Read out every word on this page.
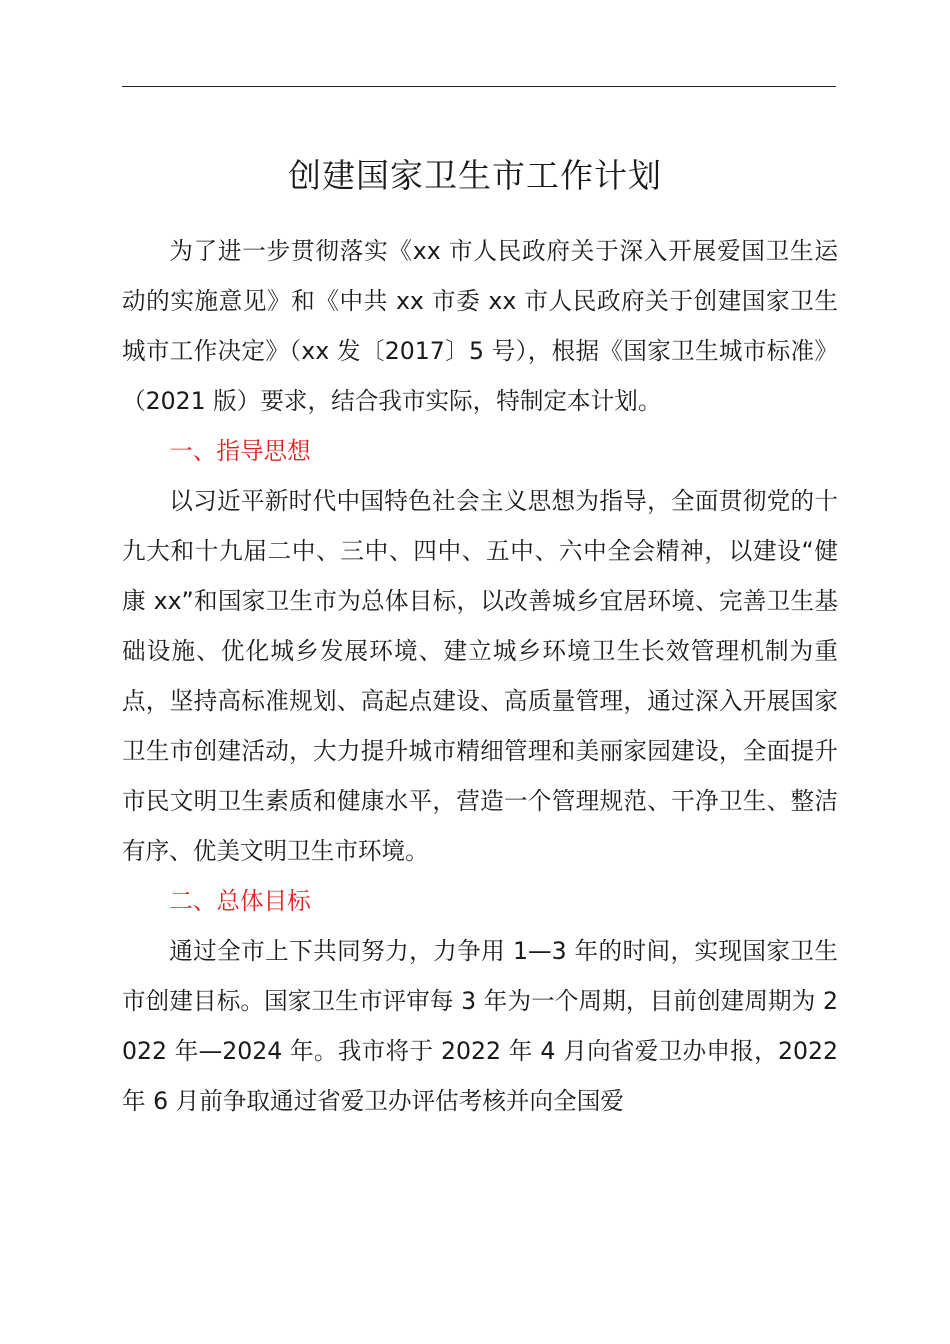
创建国家卫生市工作计划

为了进一步贯彻落实《xx 市人民政府关于深入开展爱国卫生运动的实施意见》和《中共 xx 市委 xx 市人民政府关于创建国家卫生城市工作决定》（xx 发〔2017〕5 号），根据《国家卫生城市标准》（2021 版）要求，结合我市实际，特制定本计划。

一、指导思想

以习近平新时代中国特色社会主义思想为指导，全面贯彻党的十九大和十九届二中、三中、四中、五中、六中全会精神，以建设“健康 xx”和国家卫生市为总体目标，以改善城乡宜居环境、完善卫生基础设施、优化城乡发展环境、建立城乡环境卫生长效管理机制为重点，坚持高标准规划、高起点建设、高质量管理，通过深入开展国家卫生市创建活动，大力提升城市精细管理和美丽家园建设，全面提升市民文明卫生素质和健康水平，营造一个管理规范、干净卫生、整洁有序、优美文明卫生市环境。

二、总体目标

通过全市上下共同努力，力争用 1—3 年的时间，实现国家卫生市创建目标。国家卫生市评审每 3 年为一个周期，目前创建周期为 2022 年—2024 年。我市将于 2022 年 4 月向省爱卫办申报，2022 年 6 月前争取通过省爱卫办评估考核并向全国爱
